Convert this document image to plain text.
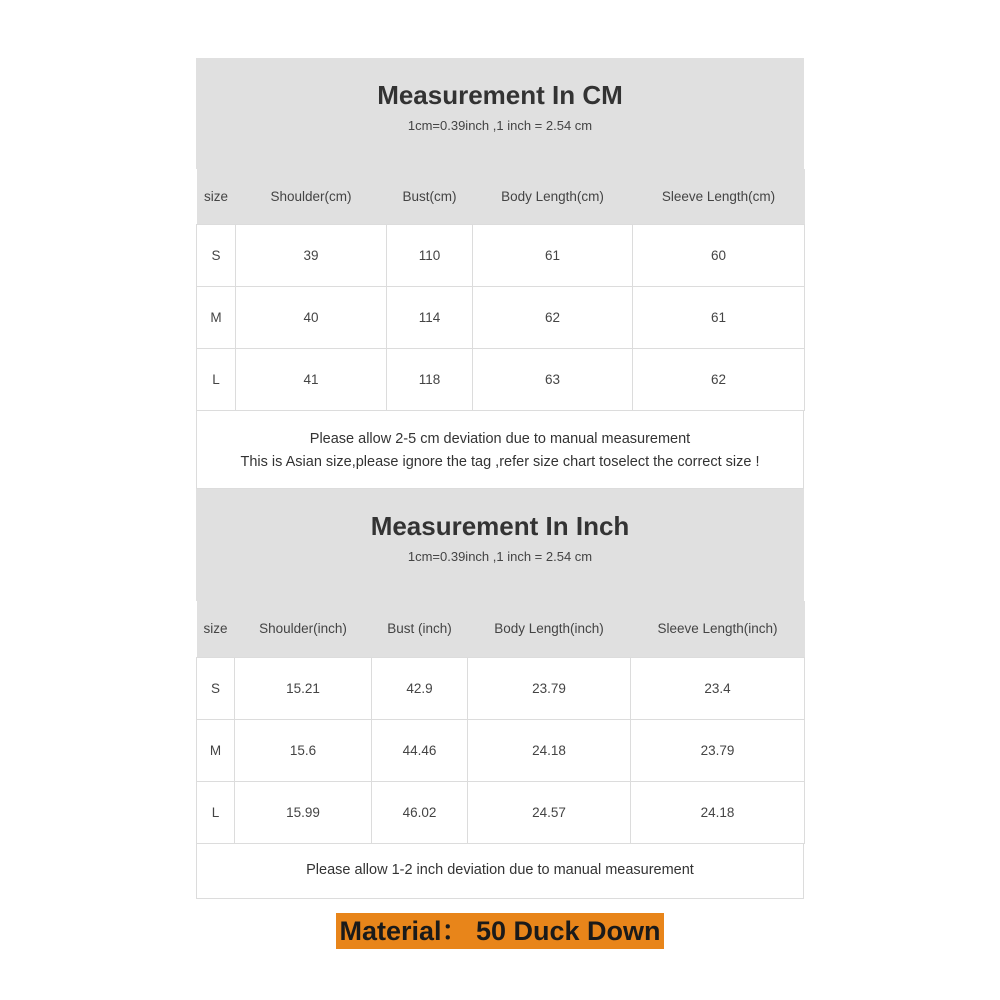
Measurement In CM
1cm=0.39inch ,1 inch = 2.54 cm
size	Shoulder(cm)	Bust(cm)	Body Length(cm)	Sleeve Length(cm)
S	39	110	61	60
M	40	114	62	61
L	41	118	63	62
Please allow 2-5 cm deviation due to manual measurement
This is Asian size,please ignore the tag ,refer size chart toselect the correct size !
Measurement In Inch
1cm=0.39inch ,1 inch = 2.54 cm
size	Shoulder(inch)	Bust (inch)	Body Length(inch)	Sleeve Length(inch)
S	15.21	42.9	23.79	23.4
M	15.6	44.46	24.18	23.79
L	15.99	46.02	24.57	24.18
Please allow 1-2 inch deviation due to manual measurement
Material： 50 Duck Down
